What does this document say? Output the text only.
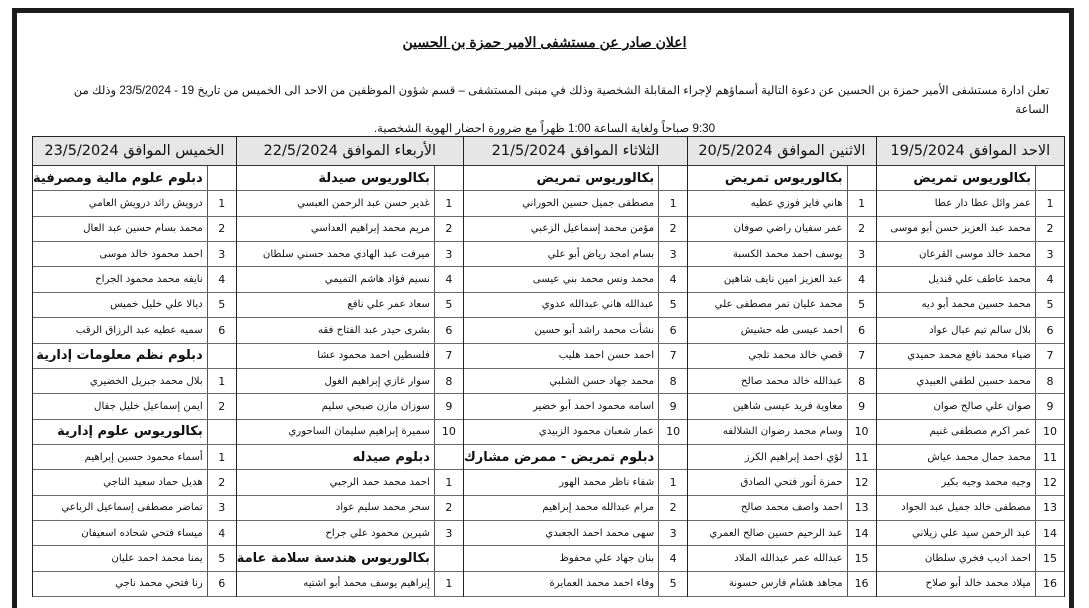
اعلان صادر عن مستشفى الامير حمزة بن الحسين
تعلن ادارة مستشفى الأمير حمزة بن الحسين عن دعوة التالية أسماؤهم لإجراء المقابلة الشخصية وذلك في مبنى المستشفى – قسم شؤون الموظفين من الاحد الى الخميس من تاريخ 19 - 23/5/2024 وذلك من الساعة
9:30 صباحاً ولغاية الساعة 1:00 ظهراً مع ضرورة احضار الهوية الشخصية.
الاحد الموافق 19/5/2024
بكالوريوس تمريض
1
عمر وائل عطا دار عطا
2
محمد عبد العزيز حسن أبو موسى
3
محمد خالد موسى القرعان
4
محمد عاطف علي قنديل
5
محمد حسين محمد أبو ديه
6
بلال سالم تيم عبال عواد
7
ضياء محمد نافع محمد حميدي
8
محمد حسين لطفي العبيدي
9
صوان علي صالح صوان
10
عمر اكرم مصطفى غنيم
11
محمد جمال محمد عياش
12
وجيه محمد وجيه بكير
13
مصطفى خالد جميل عبد الجواد
14
عبد الرحمن سيد علي زيلاني
15
احمد اديب فخري سلطان
16
ميلاد محمد خالد أبو صلاح
الاثنين الموافق 20/5/2024
بكالوريوس تمريض
1
هاني فايز فوزي عطيه
2
عمر سفيان راضي صوفان
3
يوسف احمد محمد الكسبة
4
عبد العزيز امين نايف شاهين
5
محمد عليان تمر مصطفى علي
6
احمد عيسى طه حشيش
7
قصي خالد محمد تلجي
8
عبدالله خالد محمد صالح
9
معاوية فريد عيسى شاهين
10
وسام محمد رضوان الشلالفه
11
لؤي احمد إبراهيم الكرز
12
حمزة أنور فتحي الصادق
13
احمد واصف محمد صالح
14
عبد الرحيم حسين صالح العمري
15
عبدالله عمر عبدالله الملاد
16
مجاهد هشام فارس حسونة
الثلاثاء الموافق 21/5/2024
بكالوريوس تمريض
1
مصطفى جميل حسين الحوراني
2
مؤمن محمد إسماعيل الزعبي
3
بسام امجد رياض أبو علي
4
محمد ونس محمد بني عيسى
5
عبدالله هاني عبدالله عدوي
6
نشأت محمد راشد أبو حسين
7
احمد حسن احمد هليب
8
محمد جهاد حسن الشلبي
9
اسامه محمود احمد أبو خضير
10
عمار شعبان محمود الزبيدي
دبلوم تمريض - ممرض مشارك
1
شفاء ناظر محمد الهور
2
مرام عبدالله محمد إبراهيم
3
سهى محمد احمد الجعبدي
4
بنان جهاد علي محفوظ
5
وفاء احمد محمد العمايرة
الأربعاء الموافق 22/5/2024
بكالوريوس صيدلة
1
غدير حسن عبد الرحمن العبسي
2
مريم محمد إبراهيم العداسي
3
ميرفت عبد الهادي محمد حسني سلطان
4
نسيم فؤاد هاشم التميمي
5
سعاد عمر علي نافع
6
بشرى حيدر عبد الفتاح فقه
7
فلسطين احمد محمود عشا
8
سوار غازي إبراهيم الغول
9
سوزان مازن صبحي سليم
10
سميرة إبراهيم سليمان الساحوري
دبلوم صيدله
1
احمد محمد حمد الرجبي
2
سحر محمد سليم عواد
3
شيرين محمود علي جراح
بكالوريوس هندسة سلامة عامة
1
إبراهيم يوسف محمد أبو اشتيه
الخميس الموافق 23/5/2024
دبلوم علوم مالية ومصرفية
1
درويش رائد درويش العامي
2
محمد بسام حسين عبد العال
3
احمد محمود خالد موسى
4
نايفه محمد محمود الجراح
5
ديالا علي خليل خميس
6
سميه عطيه عبد الرزاق الرقب
دبلوم نظم معلومات إدارية
1
بلال محمد جبريل الخضيري
2
ايمن إسماعيل خليل جفال
بكالوريوس علوم إدارية
1
أسماء محمود حسين إبراهيم
2
هديل حماد سعيد الناجي
3
تماضر مصطفى إسماعيل الرباعي
4
ميساء فتحي شحاده اسعيفان
5
يمنا محمد احمد عليان
6
رنا فتحي محمد ناجي
